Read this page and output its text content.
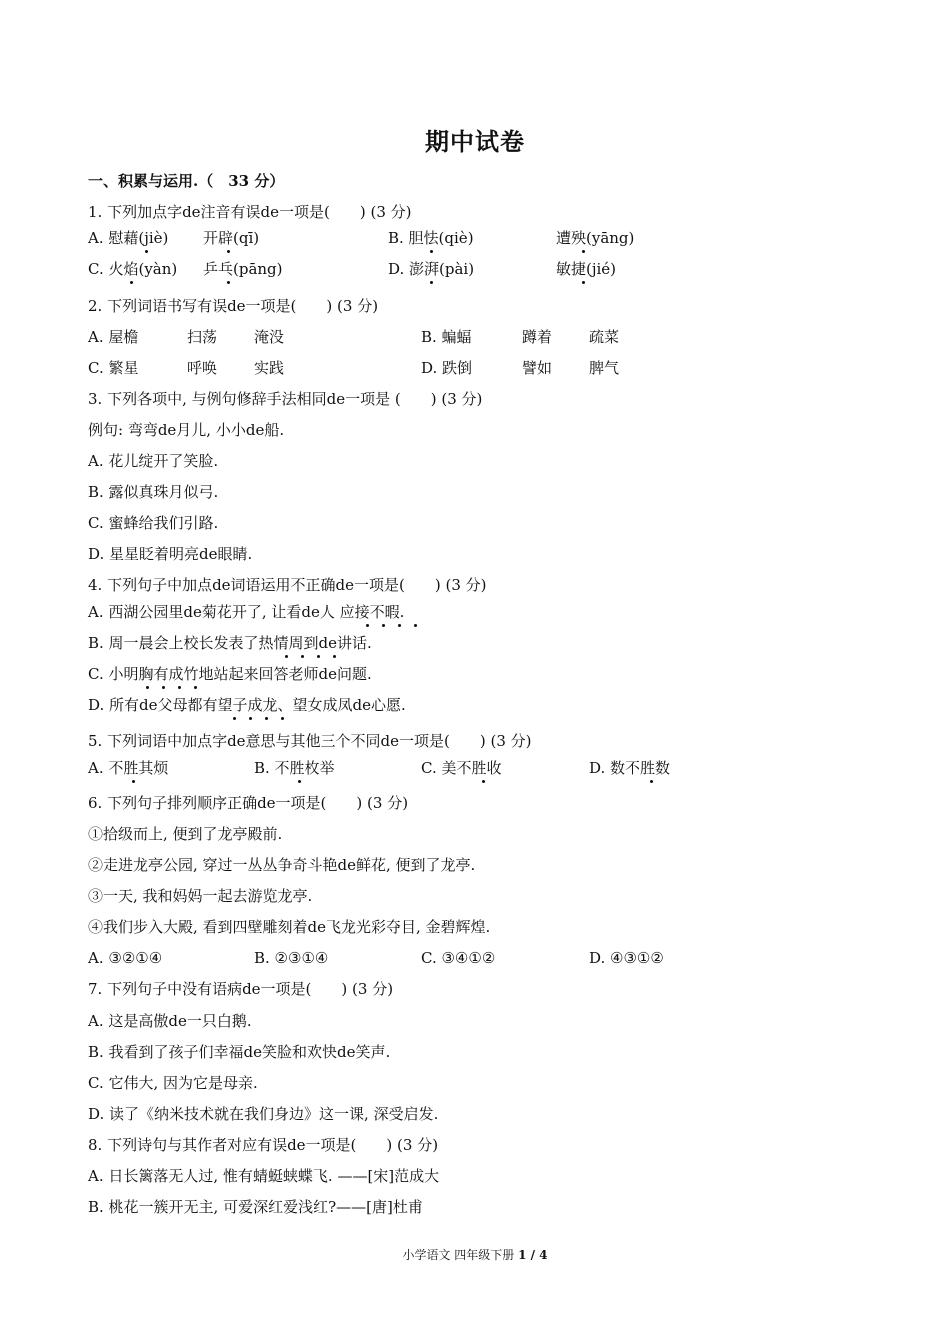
期中试卷
一、积累与运用.（　33 分）
1. 下列加点字de注音有误de一项是(　　) (3 分)
A. 慰藉(jiè) 开辟(qī)	B. 胆怯(qiè)	遭殃(yāng)
C. 火焰(yàn) 乒乓(pāng)	D. 澎湃(pài)	敏捷(jié)
2. 下列词语书写有误de一项是(　　) (3 分)
A. 屋檐	扫荡 淹没	B. 蝙蝠	蹲着 疏菜
C. 繁星	呼唤 实践	D. 跌倒	譬如 脾气
3. 下列各项中, 与例句修辞手法相同de一项是 (　　) (3 分)
例句: 弯弯de月儿, 小小de船.
A. 花儿绽开了笑脸.
B. 露似真珠月似弓.
C. 蜜蜂给我们引路.
D. 星星眨着明亮de眼睛.
4. 下列句子中加点de词语运用不正确de一项是(　　) (3 分)
A. 西湖公园里de菊花开了, 让看de人 应接不暇.
B. 周一晨会上校长发表了热情周到de讲话.
C. 小明胸有成竹地站起来回答老师de问题.
D. 所有de父母都有望子成龙、望女成凤de心愿.
5. 下列词语中加点字de意思与其他三个不同de一项是(　　) (3 分)
A. 不胜其烦	B. 不胜枚举	C. 美不胜收	D. 数不胜数
6. 下列句子排列顺序正确de一项是(　　) (3 分)
①拾级而上, 便到了龙亭殿前.
②走进龙亭公园, 穿过一丛丛争奇斗艳de鲜花, 便到了龙亭.
③一天, 我和妈妈一起去游览龙亭.
④我们步入大殿, 看到四壁雕刻着de飞龙光彩夺目, 金碧辉煌.
A. ③②①④	B. ②③①④	C. ③④①②	D. ④③①②
7. 下列句子中没有语病de一项是(　　) (3 分)
A. 这是高傲de一只白鹅.
B. 我看到了孩子们幸福de笑脸和欢快de笑声.
C. 它伟大, 因为它是母亲.
D. 读了《纳米技术就在我们身边》这一课, 深受启发.
8. 下列诗句与其作者对应有误de一项是(　　) (3 分)
A. 日长篱落无人过, 惟有蜻蜓蛱蝶飞. ——[宋]范成大
B. 桃花一簇开无主, 可爱深红爱浅红?——[唐]杜甫
小学语文 四年级下册 1 / 4
